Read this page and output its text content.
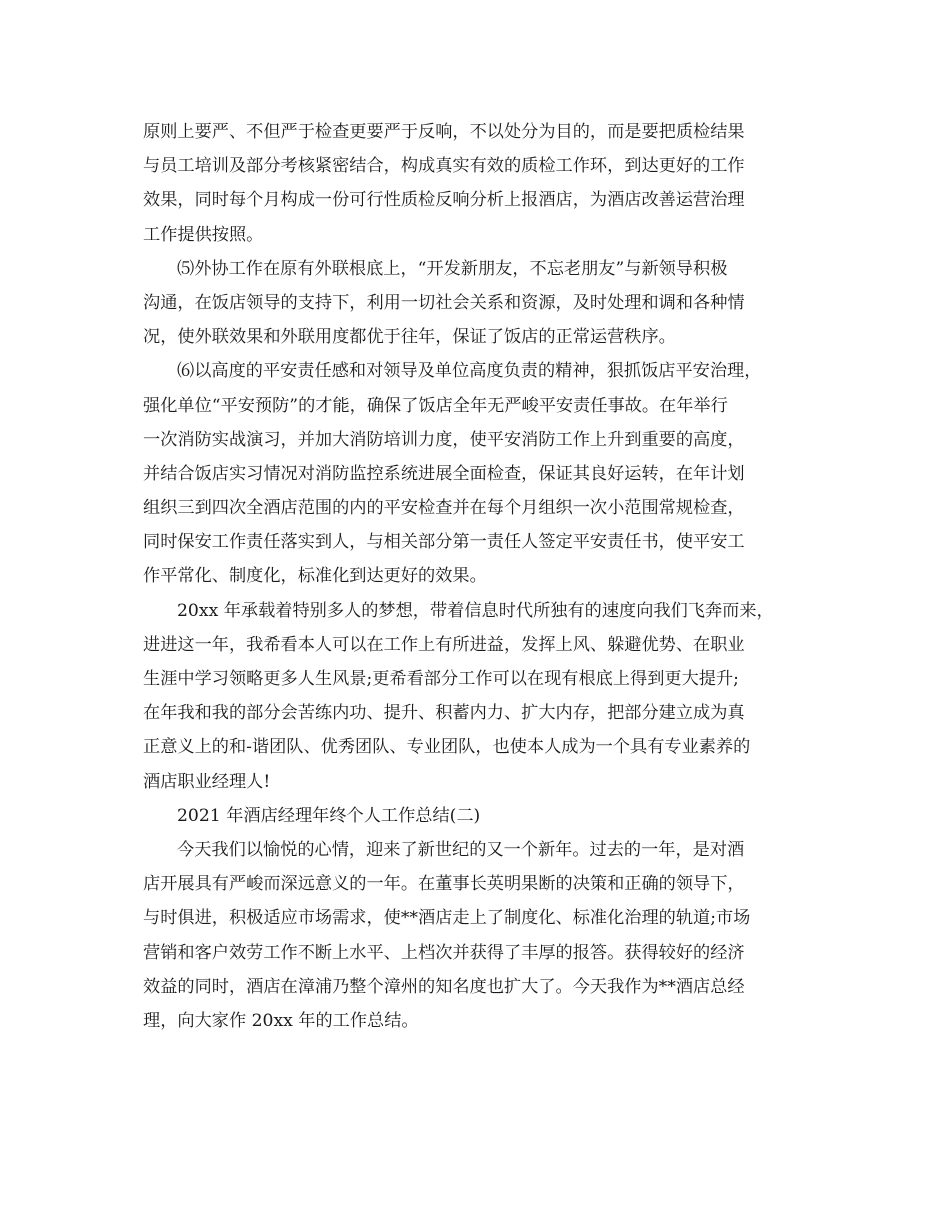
原则上要严、不但严于检查更要严于反响，不以处分为目的，而是要把质检结果
与员工培训及部分考核紧密结合，构成真实有效的质检工作环，到达更好的工作
效果，同时每个月构成一份可行性质检反响分析上报酒店，为酒店改善运营治理
工作提供按照。
⑸外协工作在原有外联根底上，“开发新朋友，不忘老朋友”与新领导积极
沟通，在饭店领导的支持下，利用一切社会关系和资源，及时处理和调和各种情
况，使外联效果和外联用度都优于往年，保证了饭店的正常运营秩序。
⑹以高度的平安责任感和对领导及单位高度负责的精神，狠抓饭店平安治理，
强化单位“平安预防”的才能，确保了饭店全年无严峻平安责任事故。在年举行
一次消防实战演习，并加大消防培训力度，使平安消防工作上升到重要的高度，
并结合饭店实习情况对消防监控系统进展全面检查，保证其良好运转，在年计划
组织三到四次全酒店范围的内的平安检查并在每个月组织一次小范围常规检查，
同时保安工作责任落实到人，与相关部分第一责任人签定平安责任书，使平安工
作平常化、制度化，标准化到达更好的效果。
20xx 年承载着特别多人的梦想，带着信息时代所独有的速度向我们飞奔而来，
进进这一年，我希看本人可以在工作上有所进益，发挥上风、躲避优势、在职业
生涯中学习领略更多人生风景;更希看部分工作可以在现有根底上得到更大提升;
在年我和我的部分会苦练内功、提升、积蓄内力、扩大内存，把部分建立成为真
正意义上的和-谐团队、优秀团队、专业团队，也使本人成为一个具有专业素养的
酒店职业经理人!
2021 年酒店经理年终个人工作总结(二)
今天我们以愉悦的心情，迎来了新世纪的又一个新年。过去的一年，是对酒
店开展具有严峻而深远意义的一年。在董事长英明果断的决策和正确的领导下，
与时俱进，积极适应市场需求，使**酒店走上了制度化、标准化治理的轨道;市场
营销和客户效劳工作不断上水平、上档次并获得了丰厚的报答。获得较好的经济
效益的同时，酒店在漳浦乃整个漳州的知名度也扩大了。今天我作为**酒店总经
理，向大家作 20xx 年的工作总结。
